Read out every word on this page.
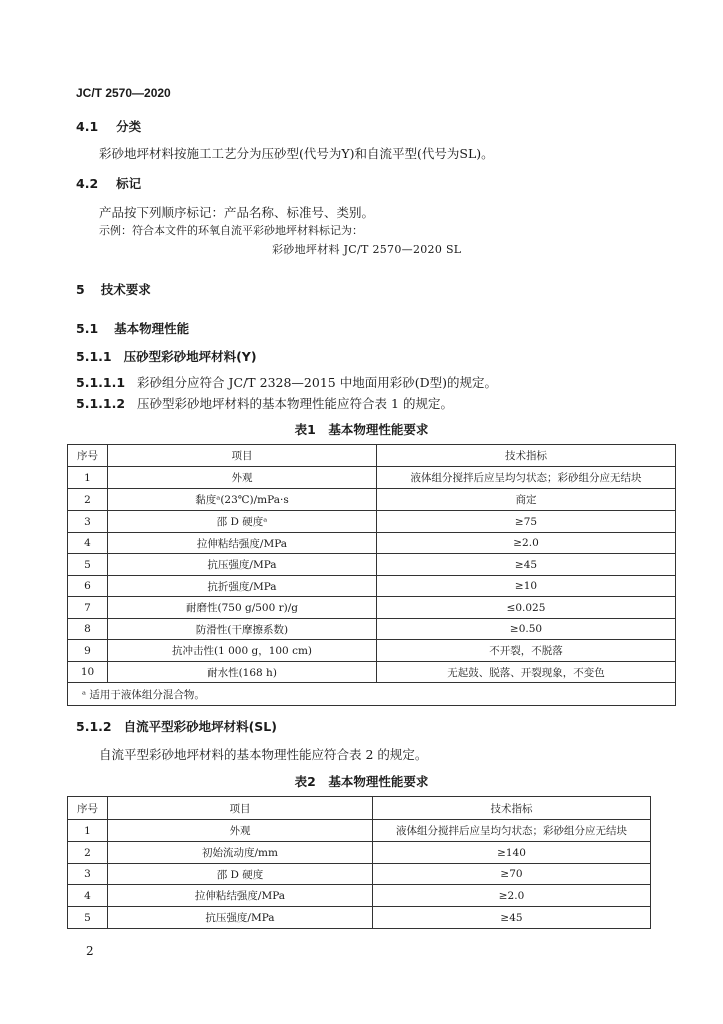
JC/T 2570—2020
4.1 分类
彩砂地坪材料按施工工艺分为压砂型(代号为Y)和自流平型(代号为SL)。
4.2 标记
产品按下列顺序标记：产品名称、标准号、类别。
示例：符合本文件的环氧自流平彩砂地坪材料标记为：
彩砂地坪材料 JC/T 2570—2020 SL
5 技术要求
5.1 基本物理性能
5.1.1 压砂型彩砂地坪材料(Y)
5.1.1.1 彩砂组分应符合 JC/T 2328—2015 中地面用彩砂(D型)的规定。
5.1.1.2 压砂型彩砂地坪材料的基本物理性能应符合表 1 的规定。
表1　基本物理性能要求
序号	项目	技术指标
1	外观	液体组分搅拌后应呈均匀状态；彩砂组分应无结块
2	黏度ᵃ(23℃)/mPa·s	商定
3	邵 D 硬度ᵃ	≥75
4	拉伸粘结强度/MPa	≥2.0
5	抗压强度/MPa	≥45
6	抗折强度/MPa	≥10
7	耐磨性(750 g/500 r)/g	≤0.025
8	防滑性(干摩擦系数)	≥0.50
9	抗冲击性(1 000 g，100 cm)	不开裂，不脱落
10	耐水性(168 h)	无起鼓、脱落、开裂现象，不变色
ᵃ 适用于液体组分混合物。		
5.1.2 自流平型彩砂地坪材料(SL)
自流平型彩砂地坪材料的基本物理性能应符合表 2 的规定。
表2　基本物理性能要求
序号	项目	技术指标
1	外观	液体组分搅拌后应呈均匀状态；彩砂组分应无结块
2	初始流动度/mm	≥140
3	邵 D 硬度	≥70
4	拉伸粘结强度/MPa	≥2.0
5	抗压强度/MPa	≥45
2
